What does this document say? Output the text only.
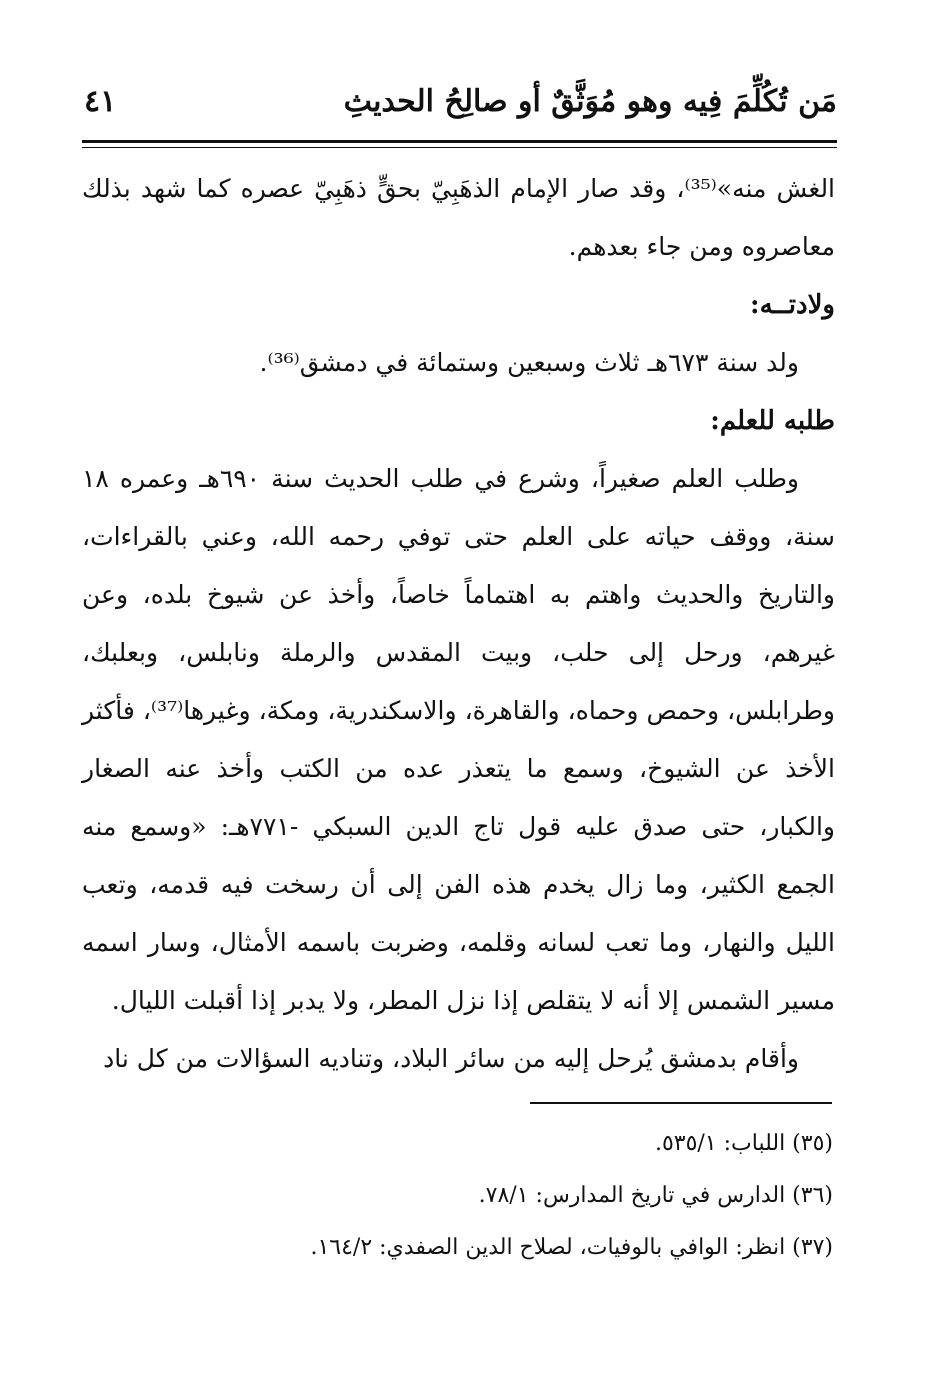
مَن تُكُلِّمَ فِيه وهو مُوَثَّقٌ أو صالِحُ الحديثِ
٤١

الغش منه»⁽³⁵⁾، وقد صار الإمام الذهَبِيّ بحقٍّ ذهَبِيّ عصره كما شهد بذلك معاصروه ومن جاء بعدهم.

ولادتــه:

ولد سنة ٦٧٣هـ ثلاث وسبعين وستمائة في دمشق⁽³⁶⁾.

طلبه للعلم:

وطلب العلم صغيراً، وشرع في طلب الحديث سنة ٦٩٠هـ وعمره ١٨ سنة، ووقف حياته على العلم حتى توفي رحمه الله، وعني بالقراءات، والتاريخ والحديث واهتم به اهتماماً خاصاً، وأخذ عن شيوخ بلده، وعن غيرهم، ورحل إلى حلب، وبيت المقدس والرملة ونابلس، وبعلبك، وطرابلس، وحمص وحماه، والقاهرة، والاسكندرية، ومكة، وغيرها⁽³⁷⁾، فأكثر الأخذ عن الشيوخ، وسمع ما يتعذر عده من الكتب وأخذ عنه الصغار والكبار، حتى صدق عليه قول تاج الدين السبكي -٧٧١هـ: «وسمع منه الجمع الكثير، وما زال يخدم هذه الفن إلى أن رسخت فيه قدمه، وتعب الليل والنهار، وما تعب لسانه وقلمه، وضربت باسمه الأمثال، وسار اسمه مسير الشمس إلا أنه لا يتقلص إذا نزل المطر، ولا يدبر إذا أقبلت الليال.

وأقام بدمشق يُرحل إليه من سائر البلاد، وتناديه السؤالات من كل ناد

(٣٥) اللباب: ٥٣٥/١.
(٣٦) الدارس في تاريخ المدارس: ٧٨/١.
(٣٧) انظر: الوافي بالوفيات، لصلاح الدين الصفدي: ١٦٤/٢.
